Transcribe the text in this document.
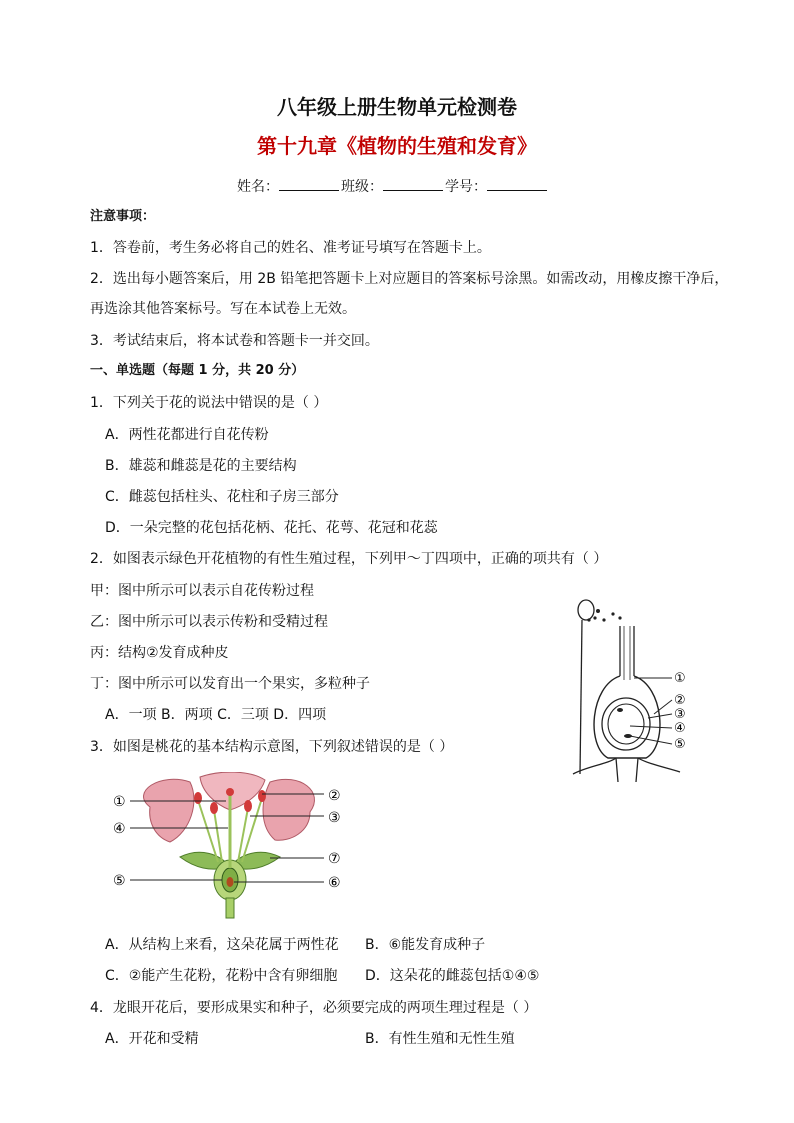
八年级上册生物单元检测卷
第十九章《植物的生殖和发育》
姓名：	班级：	学号：
注意事项：
1．答卷前，考生务必将自己的姓名、准考证号填写在答题卡上。
2．选出每小题答案后，用 2B 铅笔把答题卡上对应题目的答案标号涂黑。如需改动，用橡皮擦干净后，
再选涂其他答案标号。写在本试卷上无效。
3．考试结束后，将本试卷和答题卡一并交回。
一、单选题（每题 1 分，共 20 分）
1．下列关于花的说法中错误的是（ ）
A．两性花都进行自花传粉
B．雄蕊和雌蕊是花的主要结构
C．雌蕊包括柱头、花柱和子房三部分
D．一朵完整的花包括花柄、花托、花萼、花冠和花蕊
2．如图表示绿色开花植物的有性生殖过程，下列甲～丁四项中，正确的项共有（ ）
甲：图中所示可以表示自花传粉过程
乙：图中所示可以表示传粉和受精过程
丙：结构②发育成种皮
丁：图中所示可以发育出一个果实，多粒种子
A．一项 B．两项 C．三项 D．四项
①
②
③
④
⑤
3．如图是桃花的基本结构示意图，下列叙述错误的是（ ）
①	②
③
④
⑤	⑥
⑦
A．从结构上来看，这朵花属于两性花 B．⑥能发育成种子
C．②能产生花粉，花粉中含有卵细胞 D．这朵花的雌蕊包括①④⑤
4．龙眼开花后，要形成果实和种子，必须要完成的两项生理过程是（ ）
A．开花和受精	B．有性生殖和无性生殖
